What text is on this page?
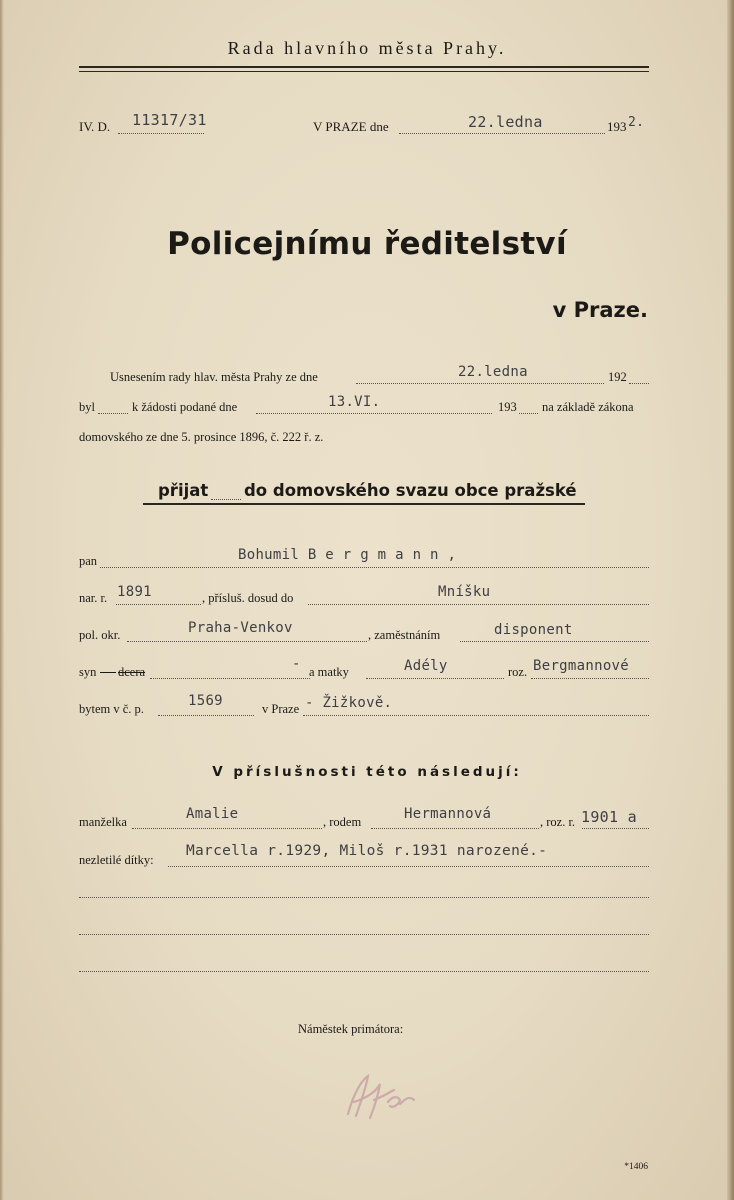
Rada hlavního města Prahy.
IV. D. 11317/31	V PRAZE dne	22.ledna	193 2.
Policejnímu ředitelství
v Praze.
Usnesením rady hlav. města Prahy ze dne	22.ledna	192
byl	k žádosti podané dne	13.VI.	193 na základě zákona
domovského ze dne 5. prosince 1896, č. 222 ř. z.
přijat do domovského svazu obce pražské
pan	Bohumil B e r g m a n n ,
nar. r. 1891	, přísluš. dosud do	Mníšku
pol. okr.	Praha-Venkov	, zaměstnáním	disponent
syn dcera	- a matky	Adély	roz. Bergmannové
bytem v č. p.	1569	v Praze - Žižkově.
V příslušnosti této následují:
manželka	Amalie	, rodem	Hermannová	, roz. r. 1901 a
nezletilé dítky:
Marcella r.1929, Miloš r.1931 narozené.-
Náměstek primátora:
*1406
